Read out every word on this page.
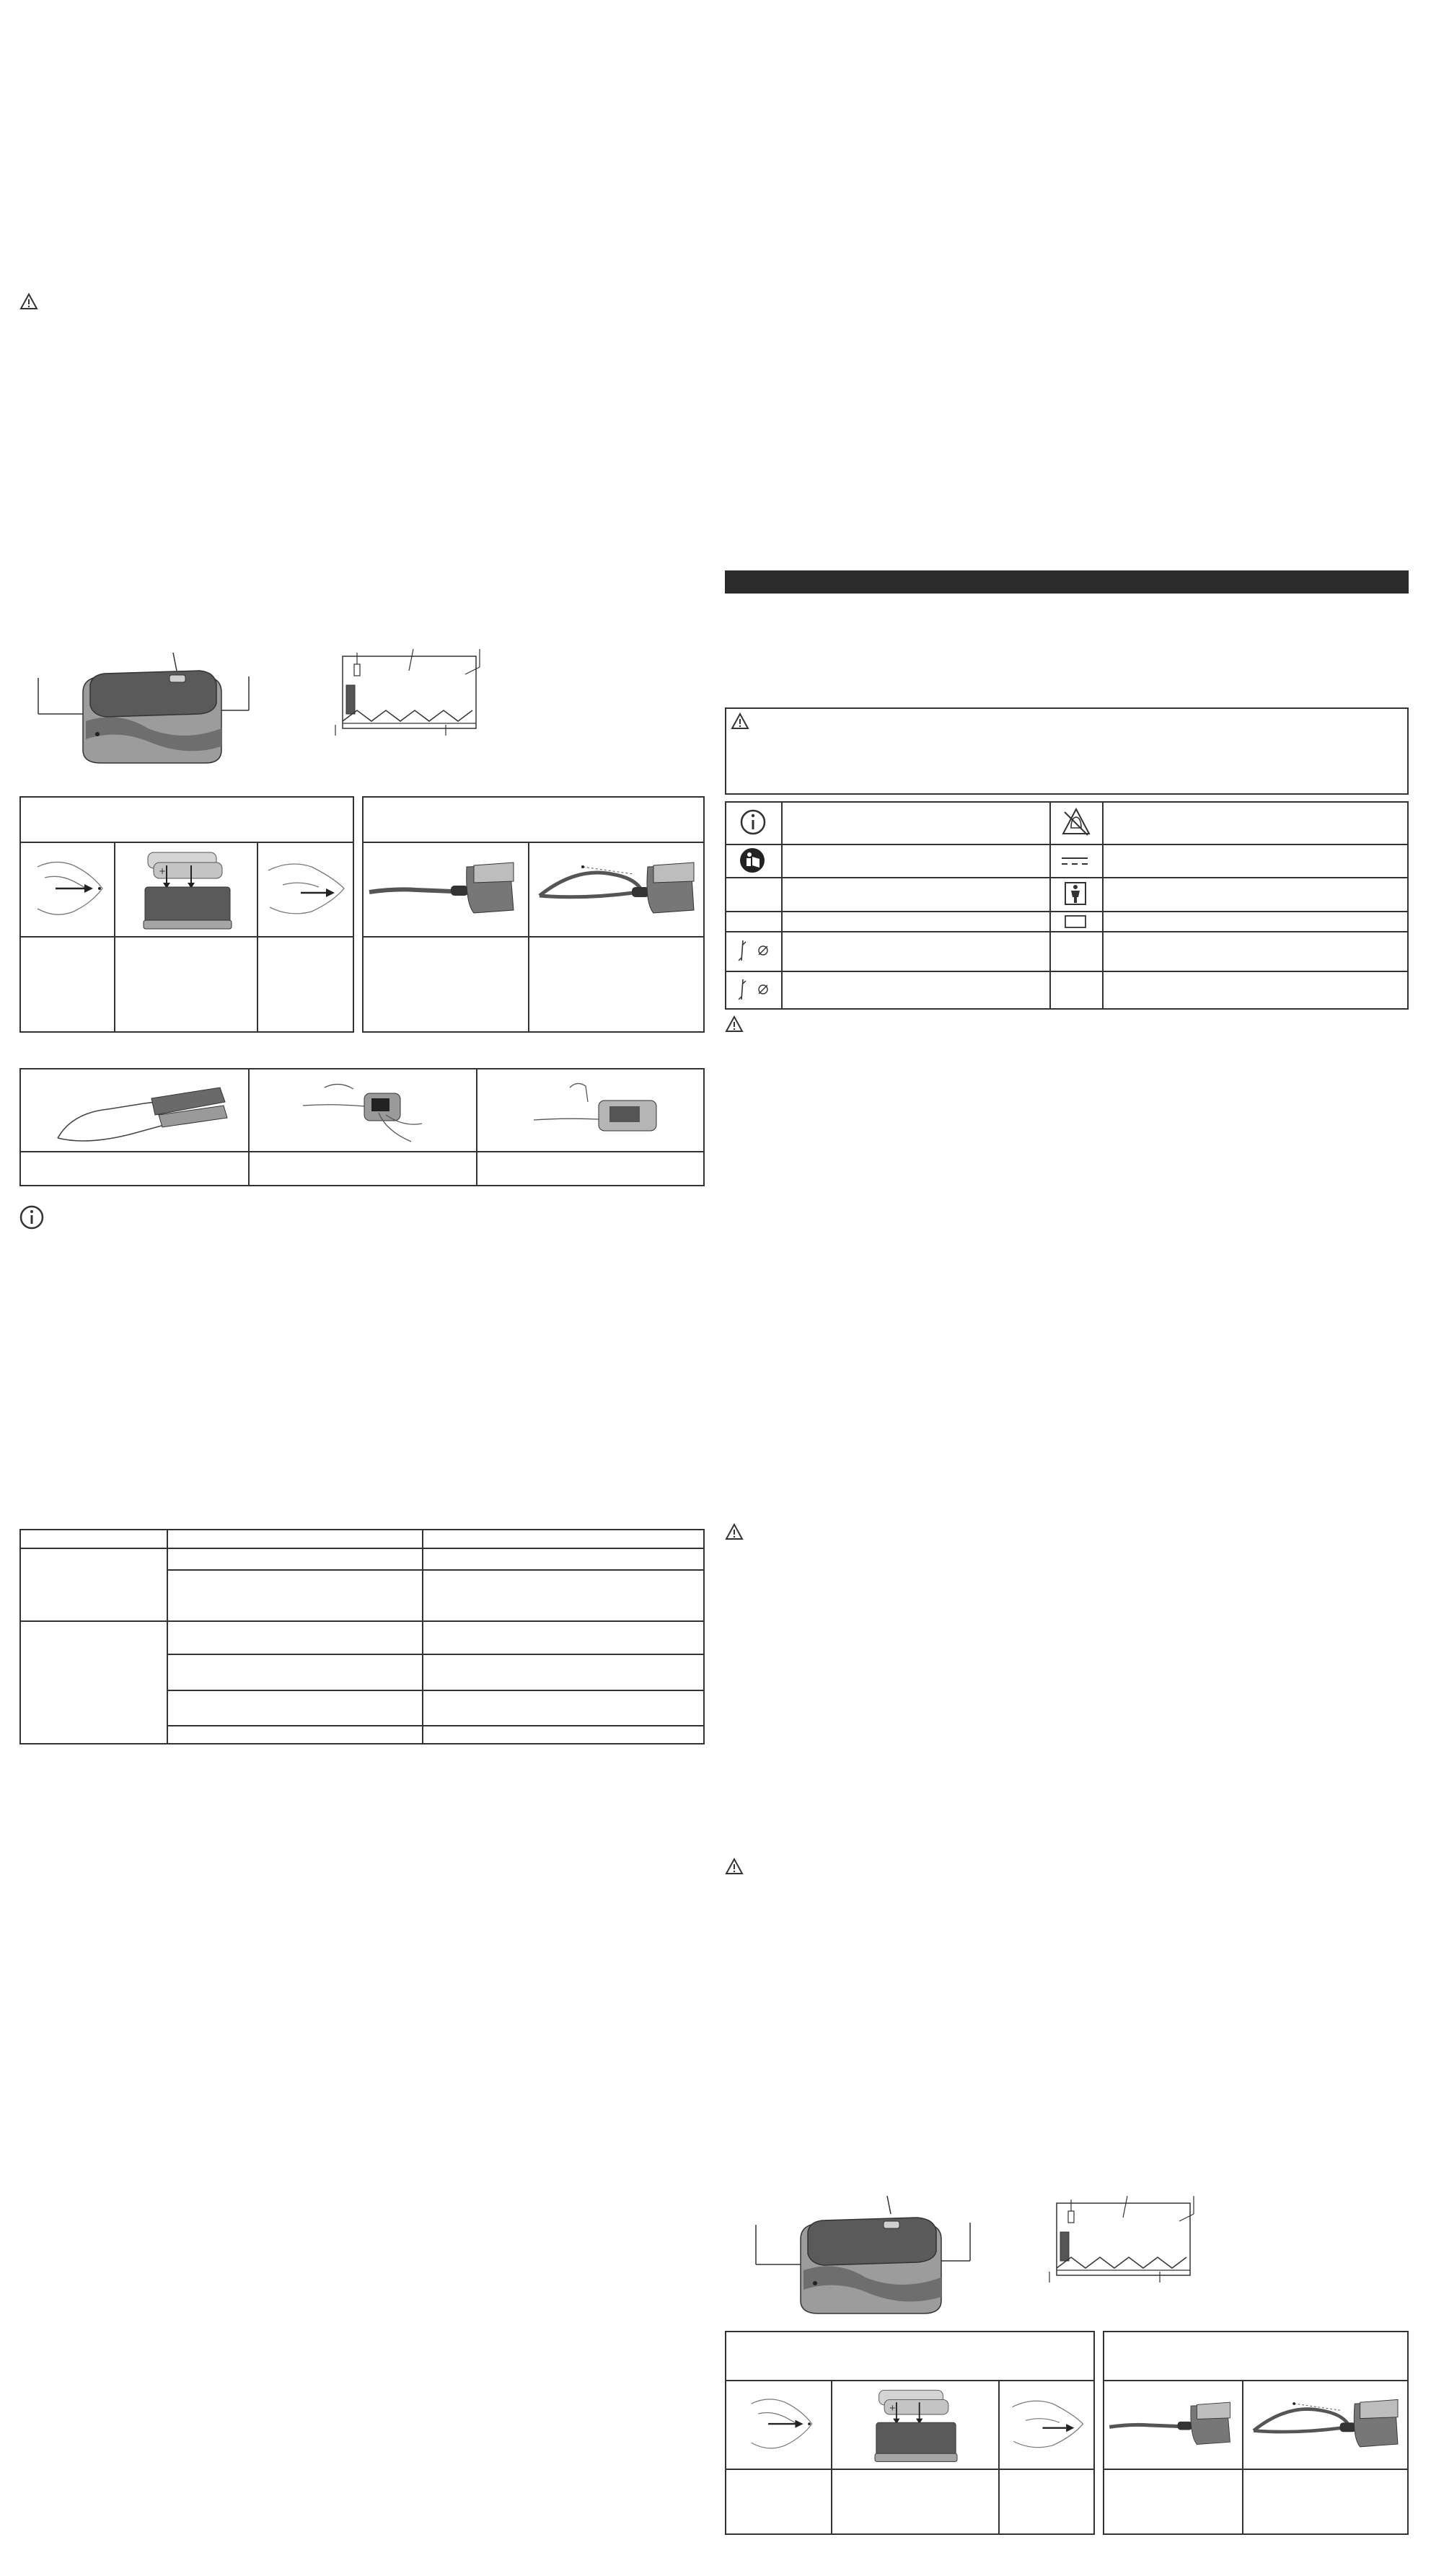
+
+
